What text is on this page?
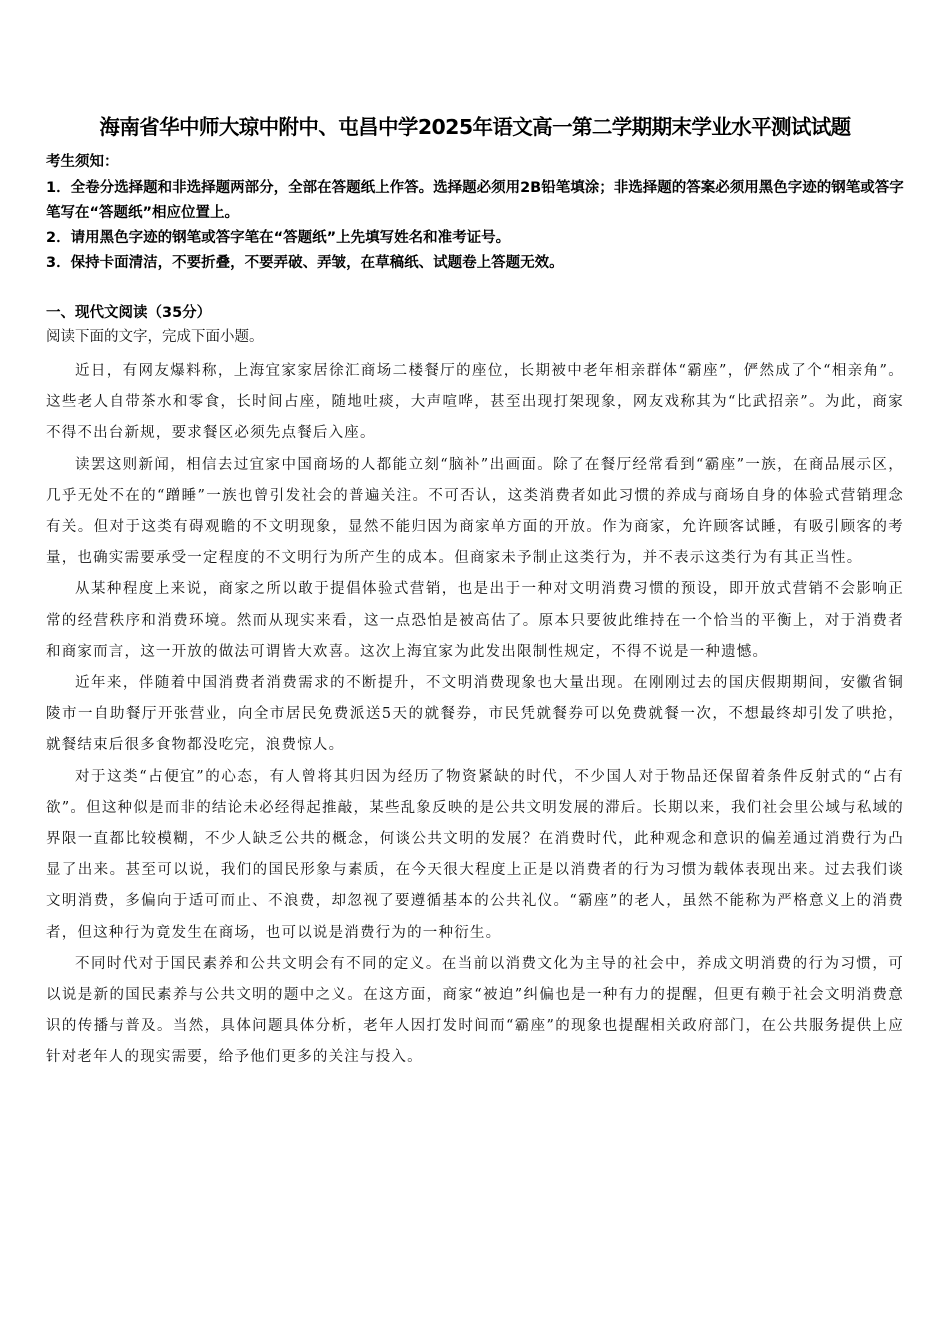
海南省华中师大琼中附中、屯昌中学2025年语文高一第二学期期末学业水平测试试题
考生须知：
1．全卷分选择题和非选择题两部分，全部在答题纸上作答。选择题必须用2B铅笔填涂；非选择题的答案必须用黑色字迹的钢笔或答字笔写在“答题纸”相应位置上。
2．请用黑色字迹的钢笔或答字笔在“答题纸”上先填写姓名和准考证号。
3．保持卡面清洁，不要折叠，不要弄破、弄皱，在草稿纸、试题卷上答题无效。
一、现代文阅读（35分）
阅读下面的文字，完成下面小题。

近日，有网友爆料称，上海宜家家居徐汇商场二楼餐厅的座位，长期被中老年相亲群体“霸座”，俨然成了个“相亲角”。这些老人自带茶水和零食，长时间占座，随地吐痰，大声喧哗，甚至出现打架现象，网友戏称其为“比武招亲”。为此，商家不得不出台新规，要求餐区必须先点餐后入座。

读罢这则新闻，相信去过宜家中国商场的人都能立刻“脑补”出画面。除了在餐厅经常看到“霸座”一族，在商品展示区，几乎无处不在的“蹭睡”一族也曾引发社会的普遍关注。不可否认，这类消费者如此习惯的养成与商场自身的体验式营销理念有关。但对于这类有碍观瞻的不文明现象，显然不能归因为商家单方面的开放。作为商家，允许顾客试睡，有吸引顾客的考量，也确实需要承受一定程度的不文明行为所产生的成本。但商家未予制止这类行为，并不表示这类行为有其正当性。

从某种程度上来说，商家之所以敢于提倡体验式营销，也是出于一种对文明消费习惯的预设，即开放式营销不会影响正常的经营秩序和消费环境。然而从现实来看，这一点恐怕是被高估了。原本只要彼此维持在一个恰当的平衡上，对于消费者和商家而言，这一开放的做法可谓皆大欢喜。这次上海宜家为此发出限制性规定，不得不说是一种遗憾。

近年来，伴随着中国消费者消费需求的不断提升，不文明消费现象也大量出现。在刚刚过去的国庆假期期间，安徽省铜陵市一自助餐厅开张营业，向全市居民免费派送5天的就餐券，市民凭就餐券可以免费就餐一次，不想最终却引发了哄抢，就餐结束后很多食物都没吃完，浪费惊人。

对于这类“占便宜”的心态，有人曾将其归因为经历了物资紧缺的时代，不少国人对于物品还保留着条件反射式的“占有欲”。但这种似是而非的结论未必经得起推敲，某些乱象反映的是公共文明发展的滞后。长期以来，我们社会里公域与私域的界限一直都比较模糊，不少人缺乏公共的概念，何谈公共文明的发展？在消费时代，此种观念和意识的偏差通过消费行为凸显了出来。甚至可以说，我们的国民形象与素质，在今天很大程度上正是以消费者的行为习惯为载体表现出来。过去我们谈文明消费，多偏向于适可而止、不浪费，却忽视了要遵循基本的公共礼仪。“霸座”的老人，虽然不能称为严格意义上的消费者，但这种行为竟发生在商场，也可以说是消费行为的一种衍生。

不同时代对于国民素养和公共文明会有不同的定义。在当前以消费文化为主导的社会中，养成文明消费的行为习惯，可以说是新的国民素养与公共文明的题中之义。在这方面，商家“被迫”纠偏也是一种有力的提醒，但更有赖于社会文明消费意识的传播与普及。当然，具体问题具体分析，老年人因打发时间而“霸座”的现象也提醒相关政府部门，在公共服务提供上应针对老年人的现实需要，给予他们更多的关注与投入。
